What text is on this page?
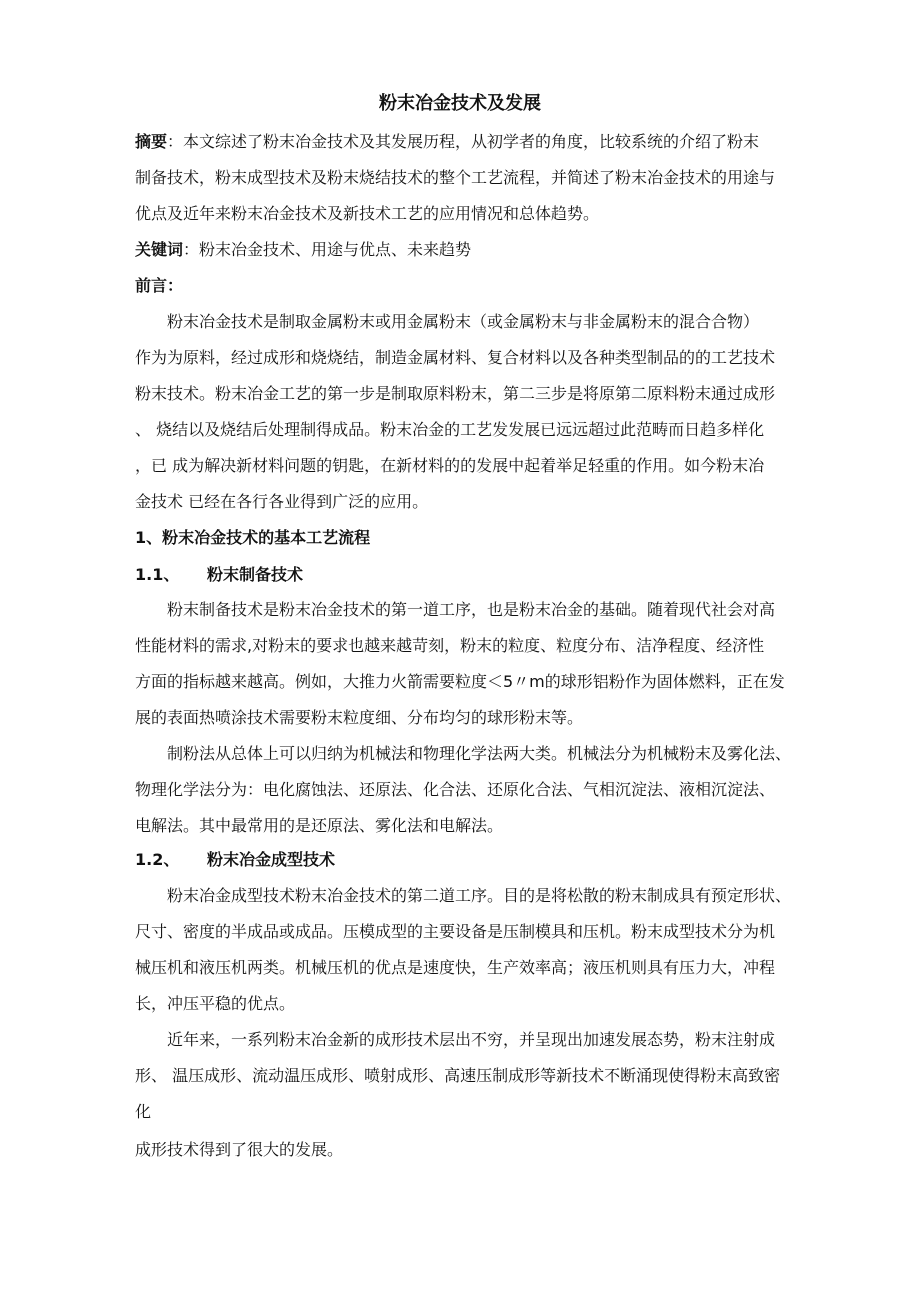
粉末冶金技术及发展
摘要：本文综述了粉末冶金技术及其发展历程，从初学者的角度，比较系统的介绍了粉末
制备技术，粉末成型技术及粉末烧结技术的整个工艺流程，并简述了粉末冶金技术的用途与
优点及近年来粉末冶金技术及新技术工艺的应用情况和总体趋势。
关键词：粉末冶金技术、用途与优点、未来趋势
前言：
粉末冶金技术是制取金属粉末或用金属粉末（或金属粉末与非金属粉末的混合合物）
作为为原料，经过成形和烧烧结，制造金属材料、复合材料以及各种类型制品的的工艺技术
粉末技术。粉末冶金工艺的第一步是制取原料粉末，第二三步是将原第二原料粉末通过成形
、 烧结以及烧结后处理制得成品。粉末冶金的工艺发发展已远远超过此范畴而日趋多样化
，已 成为解决新材料问题的钥匙，在新材料的的发展中起着举足轻重的作用。如今粉末冶
金技术 已经在各行各业得到广泛的应用。
1、粉末冶金技术的基本工艺流程
1.1、 粉末制备技术
粉末制备技术是粉末冶金技术的第一道工序，也是粉末冶金的基础。随着现代社会对高
性能材料的需求,对粉末的要求也越来越苛刻，粉末的粒度、粒度分布、洁净程度、经济性
方面的指标越来越高。例如，大推力火箭需要粒度＜5〃m的球形铝粉作为固体燃料，正在发
展的表面热喷涂技术需要粉末粒度细、分布均匀的球形粉末等。
制粉法从总体上可以归纳为机械法和物理化学法两大类。机械法分为机械粉末及雾化法、
物理化学法分为：电化腐蚀法、还原法、化合法、还原化合法、气相沉淀法、液相沉淀法、
电解法。其中最常用的是还原法、雾化法和电解法。
1.2、 粉末冶金成型技术
粉末冶金成型技术粉末冶金技术的第二道工序。目的是将松散的粉末制成具有预定形状、
尺寸、密度的半成品或成品。压模成型的主要设备是压制模具和压机。粉末成型技术分为机
械压机和液压机两类。机械压机的优点是速度快，生产效率高；液压机则具有压力大，冲程
长，冲压平稳的优点。
近年来，一系列粉末冶金新的成形技术层出不穷，并呈现出加速发展态势，粉末注射成
形、 温压成形、流动温压成形、喷射成形、高速压制成形等新技术不断涌现使得粉末高致密
化
成形技术得到了很大的发展。
